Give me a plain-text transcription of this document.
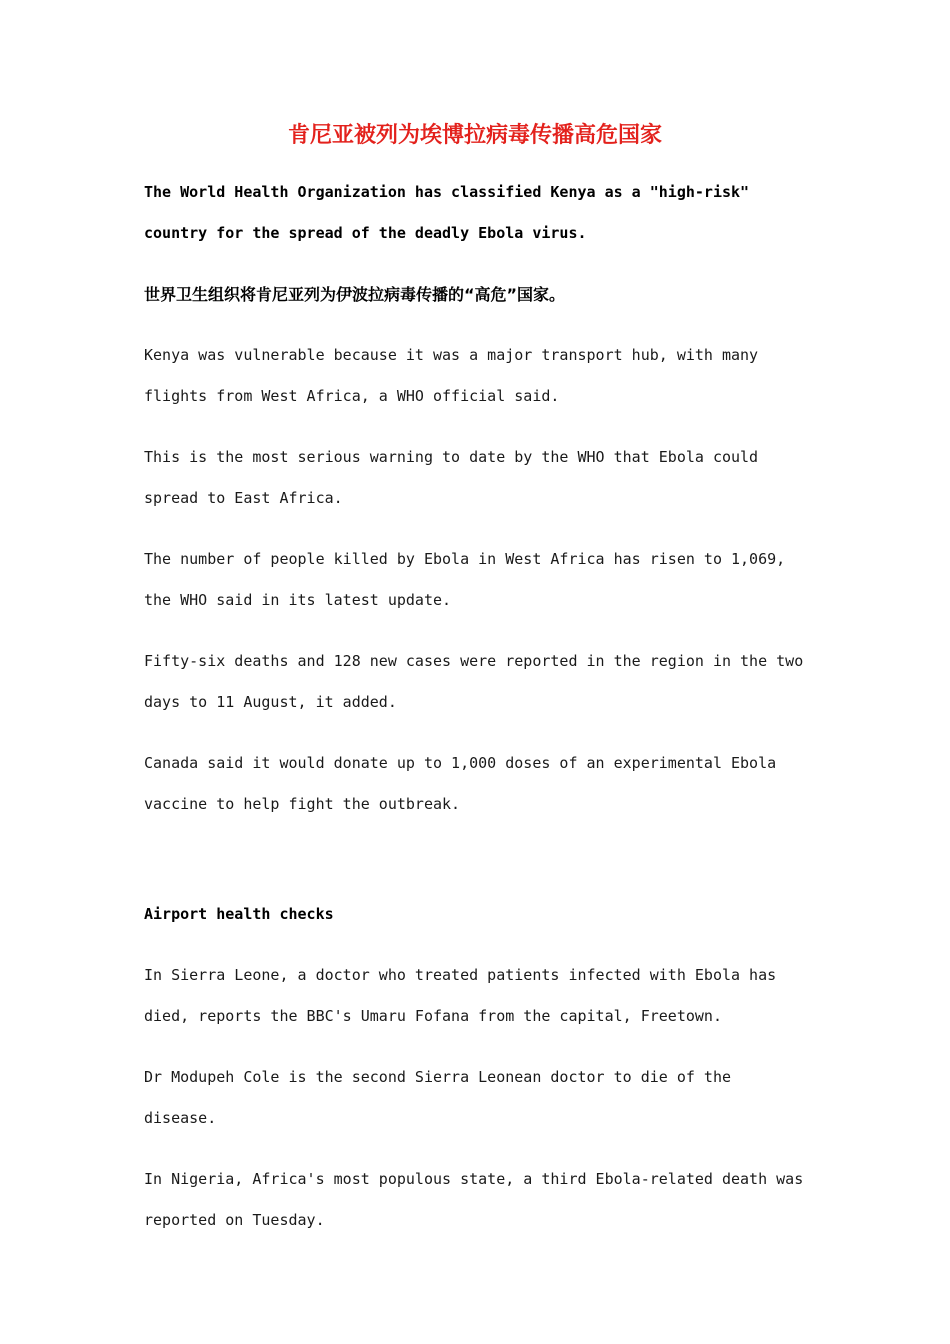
肯尼亚被列为埃博拉病毒传播高危国家

The World Health Organization has classified Kenya as a "high-risk" country for the spread of the deadly Ebola virus.

世界卫生组织将肯尼亚列为伊波拉病毒传播的“高危”国家。

Kenya was vulnerable because it was a major transport hub, with many flights from West Africa, a WHO official said.

This is the most serious warning to date by the WHO that Ebola could spread to East Africa.

The number of people killed by Ebola in West Africa has risen to 1,069, the WHO said in its latest update.

Fifty-six deaths and 128 new cases were reported in the region in the two days to 11 August, it added.

Canada said it would donate up to 1,000 doses of an experimental Ebola vaccine to help fight the outbreak.

Airport health checks

In Sierra Leone, a doctor who treated patients infected with Ebola has died, reports the BBC's Umaru Fofana from the capital, Freetown.

Dr Modupeh Cole is the second Sierra Leonean doctor to die of the disease.

In Nigeria, Africa's most populous state, a third Ebola-related death was reported on Tuesday.
